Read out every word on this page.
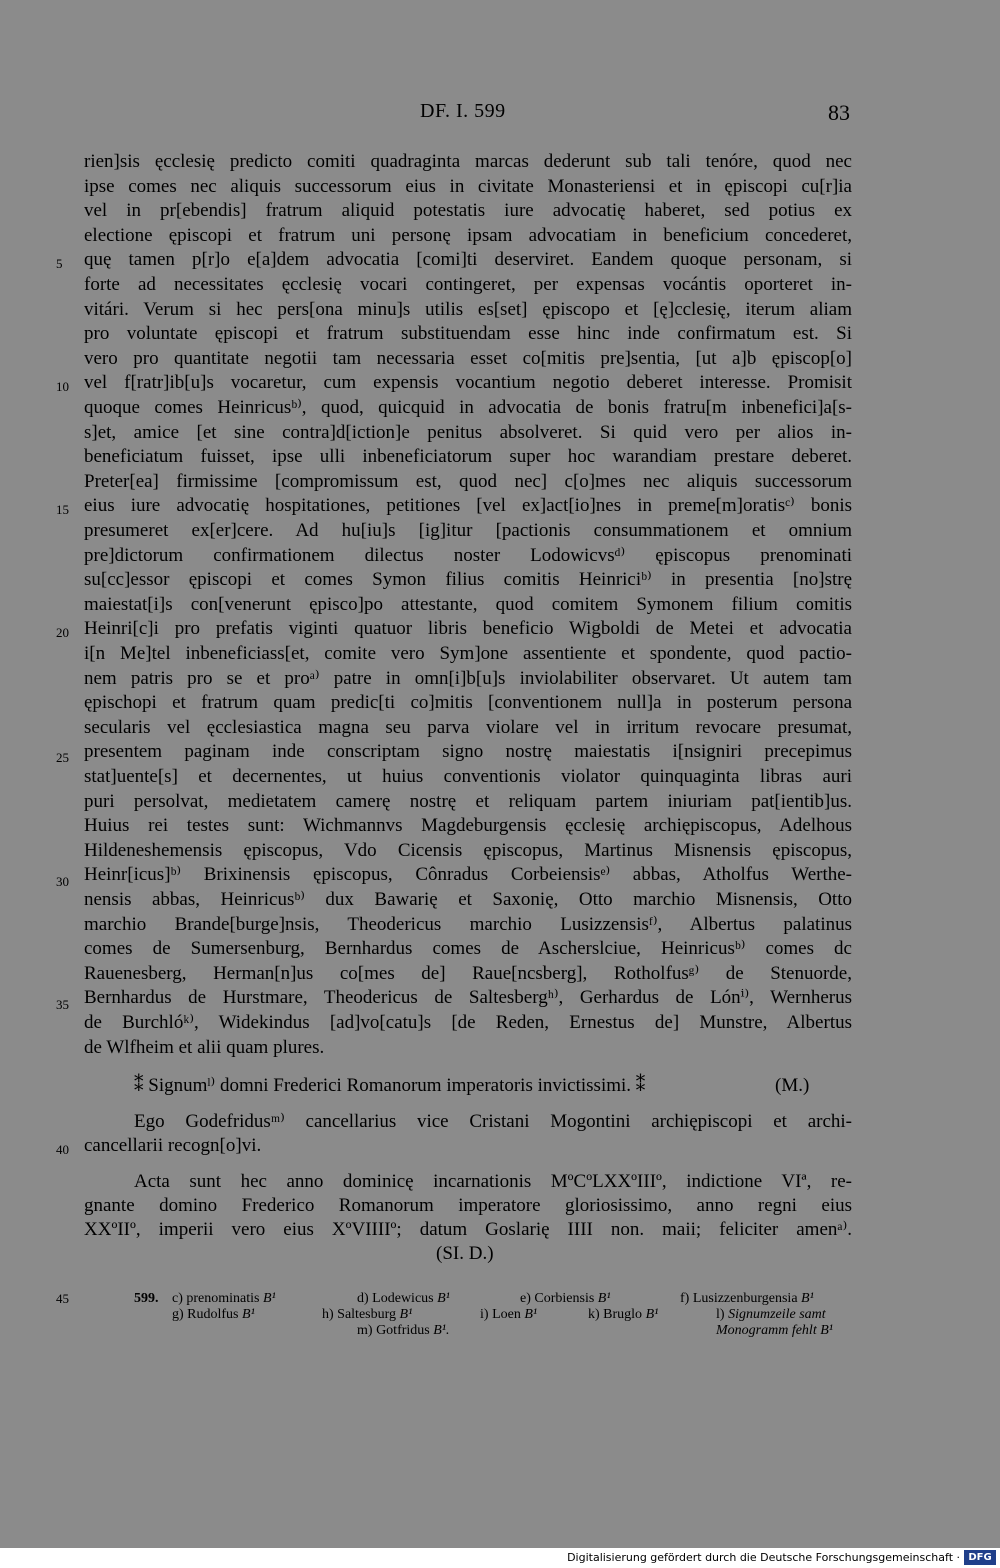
DF. I. 599	83
rien]sis ęcclesię predicto comiti quadraginta marcas dederunt sub tali tenóre, quod nec
ipse comes nec aliquis successorum eius in civitate Monasteriensi et in ępiscopi cu[r]ia
vel in pr[ebendis] fratrum aliquid potestatis iure advocatię haberet, sed potius ex
electione ępiscopi et fratrum uni personę ipsam advocatiam in beneficium concederet,
quę tamen p[r]o e[a]dem advocatia [comi]ti deserviret. Eandem quoque personam, si
forte ad necessitates ęcclesię vocari contingeret, per expensas vocántis oporteret in-
vitári. Verum si hec pers[ona minu]s utilis es[set] ępiscopo et [ę]cclesię, iterum aliam
pro voluntate ępiscopi et fratrum substituendam esse hinc inde confirmatum est. Si
vero pro quantitate negotii tam necessaria esset co[mitis pre]sentia, [ut a]b ępiscop[o]
vel f[ratr]ib[u]s vocaretur, cum expensis vocantium negotio deberet interesse. Promisit
quoque comes Heinricusᵇ⁾, quod, quicquid in advocatia de bonis fratru[m inbenefici]a[s-
s]et, amice [et sine contra]d[iction]e penitus absolveret. Si quid vero per alios in-
beneficiatum fuisset, ipse ulli inbeneficiatorum super hoc warandiam prestare deberet.
Preter[ea] firmissime [compromissum est, quod nec] c[o]mes nec aliquis successorum
eius iure advocatię hospitationes, petitiones [vel ex]act[io]nes in preme[m]oratisᶜ⁾ bonis
presumeret ex[er]cere. Ad hu[iu]s [ig]itur [pactionis consummationem et omnium
pre]dictorum confirmationem dilectus noster Lodowicvsᵈ⁾ ępiscopus prenominati
su[cc]essor ępiscopi et comes Symon filius comitis Heinriciᵇ⁾ in presentia [no]strę
maiestat[i]s con[venerunt ępisco]po attestante, quod comitem Symonem filium comitis
Heinri[c]i pro prefatis viginti quatuor libris beneficio Wigboldi de Metei et advocatia
i[n Me]tel inbeneficiass[et, comite vero Sym]one assentiente et spondente, quod pactio-
nem patris pro se et proᵃ⁾ patre in omn[i]b[u]s inviolabiliter observaret. Ut autem tam
ępischopi et fratrum quam predic[ti co]mitis [conventionem null]a in posterum persona
secularis vel ęcclesiastica magna seu parva violare vel in irritum revocare presumat,
presentem paginam inde conscriptam signo nostrę maiestatis i[nsigniri precepimus
stat]uente[s] et decernentes, ut huius conventionis violator quinquaginta libras auri
puri persolvat, medietatem camerę nostrę et reliquam partem iniuriam pat[ientib]us.
Huius rei testes sunt: Wichmannvs Magdeburgensis ęcclesię archiępiscopus, Adelhous
Hildeneshemensis ępiscopus, Vdo Cicensis ępiscopus, Martinus Misnensis ępiscopus,
Heinr[icus]ᵇ⁾ Brixinensis ępiscopus, Cônradus Corbeiensisᵉ⁾ abbas, Atholfus Werthe-
nensis abbas, Heinricusᵇ⁾ dux Bawarię et Saxonię, Otto marchio Misnensis, Otto
marchio Brande[burge]nsis, Theodericus marchio Lusizzensisᶠ⁾, Albertus palatinus
comes de Sumersenburg, Bernhardus comes de Ascherslciue, Heinricusᵇ⁾ comes dc
Rauenesberg, Herman[n]us co[mes de] Raue[ncsberg], Rotholfusᵍ⁾ de Stenuorde,
Bernhardus de Hurstmare, Theodericus de Saltesbergʰ⁾, Gerhardus de Lónⁱ⁾, Wernherus
de Burchlóᵏ⁾, Widekindus [ad]vo[catu]s [de Reden, Ernestus de] Munstre, Albertus
de Wlfheim et alii quam plures.
5
10
15
20
25
30
35
40
45
⁑ Signumˡ⁾ domni Frederici Romanorum imperatoris invictissimi. ⁑	(M.)
Ego Godefridusᵐ⁾ cancellarius vice Cristani Mogontini archiępiscopi et archi-
cancellarii recogn[o]vi.
Acta sunt hec anno dominicę incarnationis MºCºLXXºIIIº, indictione VIª, re-
gnante domino Frederico Romanorum imperatore gloriosissimo, anno regni eius
XXºIIº, imperii vero eius XºVIIIIº; datum Goslarię IIII non. maii; feliciter amenᵃ⁾.
(SI. D.)
599. c) prenominatis B¹	d) Lodewicus B¹	e) Corbiensis B¹	f) Lusizzenburgensia B¹
g) Rudolfus B¹	h) Saltesburg B¹	i) Loen B¹	k) Bruglo B¹	l) Signumzeile samt Monogramm fehlt B¹
m) Gotfridus B¹.
Digitalisierung gefördert durch die Deutsche Forschungsgemeinschaft · DFG
